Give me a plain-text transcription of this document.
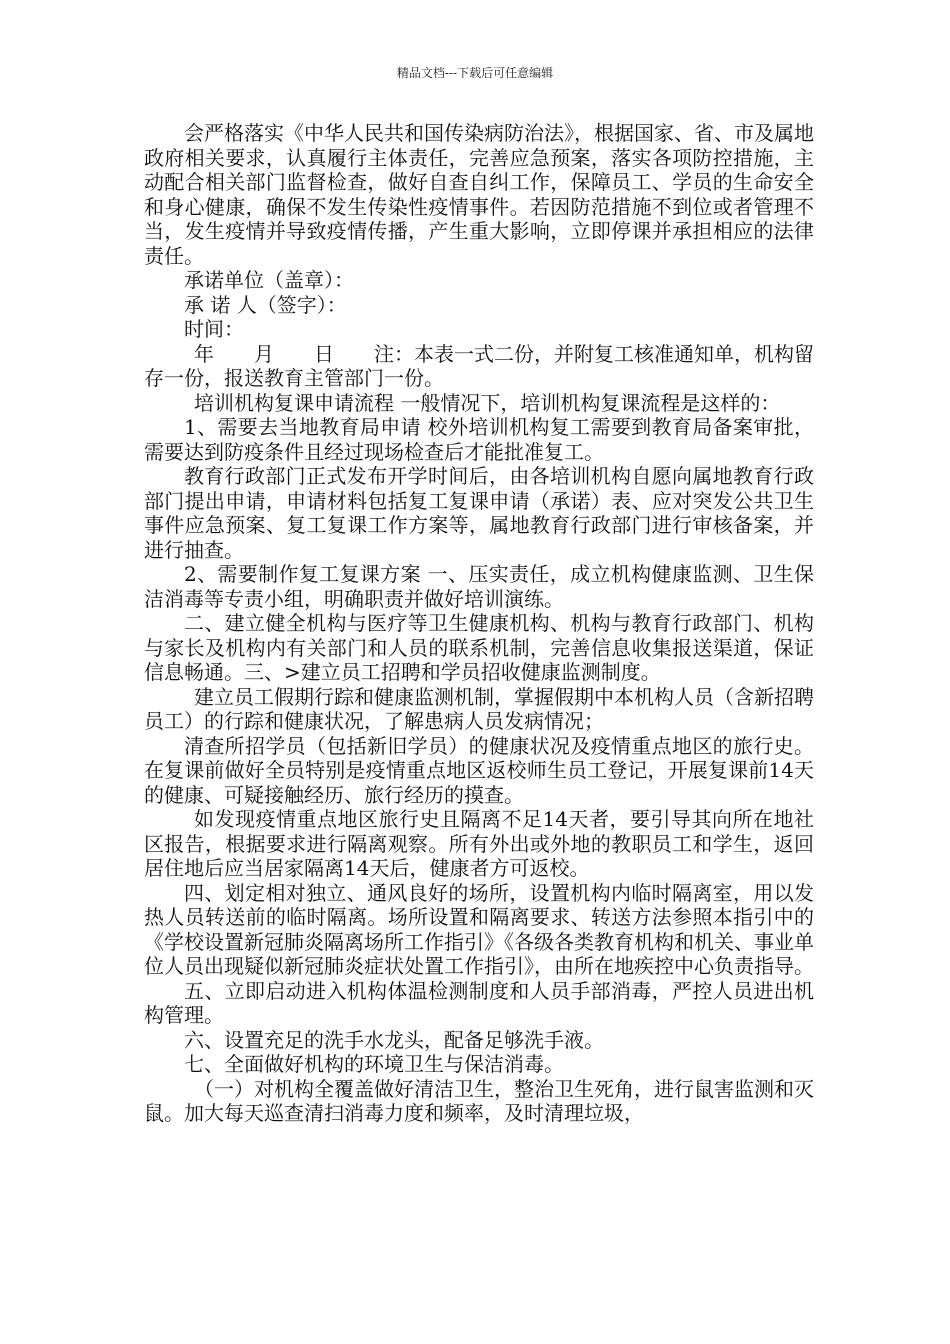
精品文档---下载后可任意编辑

会严格落实《中华人民共和国传染病防治法》，根据国家、省、市及属地政府相关要求，认真履行主体责任，完善应急预案，落实各项防控措施，主动配合相关部门监督检查，做好自查自纠工作，保障员工、学员的生命安全和身心健康，确保不发生传染性疫情事件。若因防范措施不到位或者管理不当，发生疫情并导致疫情传播，产生重大影响，立即停课并承担相应的法律责任。

承诺单位（盖章）：

承 诺 人（签字）：

时间：

年　　月　　日　　注：本表一式二份，并附复工核准通知单，机构留存一份，报送教育主管部门一份。

培训机构复课申请流程 一般情况下，培训机构复课流程是这样的：

1、需要去当地教育局申请 校外培训机构复工需要到教育局备案审批，需要达到防疫条件且经过现场检查后才能批准复工。

教育行政部门正式发布开学时间后，由各培训机构自愿向属地教育行政部门提出申请，申请材料包括复工复课申请（承诺）表、应对突发公共卫生事件应急预案、复工复课工作方案等，属地教育行政部门进行审核备案，并进行抽查。

2、需要制作复工复课方案 一、压实责任，成立机构健康监测、卫生保洁消毒等专责小组，明确职责并做好培训演练。

二、建立健全机构与医疗等卫生健康机构、机构与教育行政部门、机构与家长及机构内有关部门和人员的联系机制，完善信息收集报送渠道，保证信息畅通。三、>建立员工招聘和学员招收健康监测制度。

建立员工假期行踪和健康监测机制，掌握假期中本机构人员（含新招聘员工）的行踪和健康状况，了解患病人员发病情况；

清查所招学员（包括新旧学员）的健康状况及疫情重点地区的旅行史。在复课前做好全员特别是疫情重点地区返校师生员工登记，开展复课前14天的健康、可疑接触经历、旅行经历的摸查。

如发现疫情重点地区旅行史且隔离不足14天者，要引导其向所在地社区报告，根据要求进行隔离观察。所有外出或外地的教职员工和学生，返回居住地后应当居家隔离14天后，健康者方可返校。

四、划定相对独立、通风良好的场所，设置机构内临时隔离室，用以发热人员转送前的临时隔离。场所设置和隔离要求、转送方法参照本指引中的《学校设置新冠肺炎隔离场所工作指引》《各级各类教育机构和机关、事业单位人员出现疑似新冠肺炎症状处置工作指引》，由所在地疾控中心负责指导。

五、立即启动进入机构体温检测制度和人员手部消毒，严控人员进出机构管理。

六、设置充足的洗手水龙头，配备足够洗手液。

七、全面做好机构的环境卫生与保洁消毒。

（一）对机构全覆盖做好清洁卫生，整治卫生死角，进行鼠害监测和灭鼠。加大每天巡查清扫消毒力度和频率，及时清理垃圾，
